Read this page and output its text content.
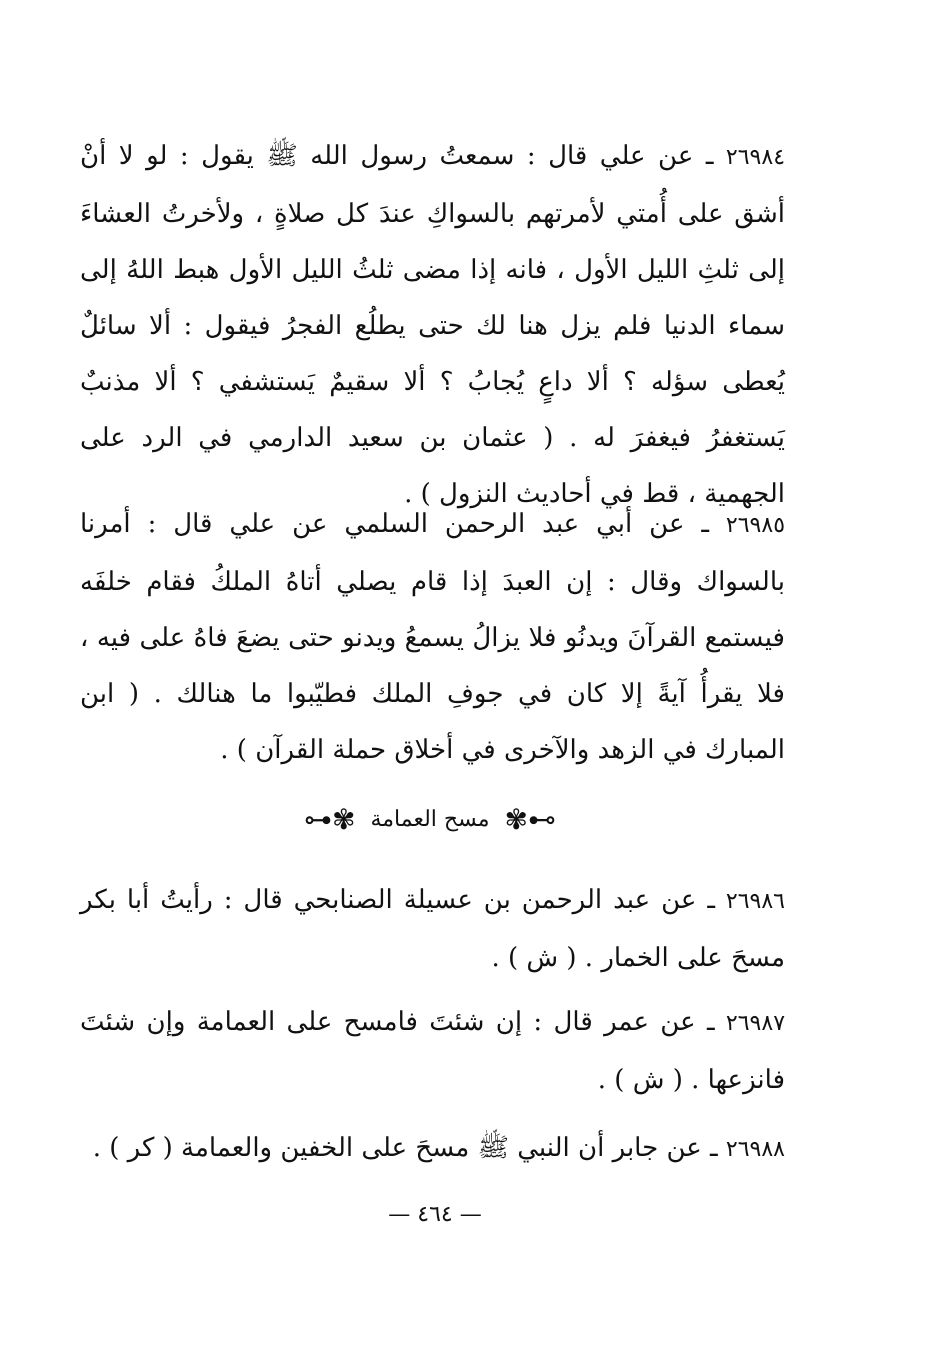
٢٦٩٨٤ ـ عن علي قال : سمعتُ رسول الله ﷺ يقول : لو لا أنْ أشق على أُمتي لأمرتهم بالسواكِ عندَ كل صلاةٍ ، ولأخرتُ العشاءَ إلى ثلثِ الليل الأول ، فانه إذا مضى ثلثُ الليل الأول هبط اللهُ إلى سماء الدنيا فلم يزل هنا لك حتى يطلُع الفجرُ فيقول : ألا سائلٌ يُعطى سؤله ؟ ألا داعٍ يُجابُ ؟ ألا سقيمٌ يَستشفي ؟ ألا مذنبٌ يَستغفرُ فيغفرَ له . ( عثمان بن سعيد الدارمي في الرد على الجهمية ، قط في أحاديث النزول ) .

٢٦٩٨٥ ـ عن أبي عبد الرحمن السلمي عن علي قال : أمرنا بالسواك وقال : إن العبدَ إذا قام يصلي أتاهُ الملكُ فقام خلفَه فيستمع القرآنَ ويدنُو فلا يزالُ يسمعُ ويدنو حتى يضعَ فاهُ على فيه ، فلا يقرأُ آيةً إلا كان في جوفِ الملك فطيّبوا ما هنالك . ( ابن المبارك في الزهد والآخرى في أخلاق حملة القرآن ) .

⊶✾ مسح العمامة ✾⊷

٢٦٩٨٦ ـ عن عبد الرحمن بن عسيلة الصنابحي قال : رأيتُ أبا بكر مسحَ على الخمار . ( ش ) .

٢٦٩٨٧ ـ عن عمر قال : إن شئتَ فامسح على العمامة وإن شئتَ فانزعها . ( ش ) .

٢٦٩٨٨ ـ عن جابر أن النبي ﷺ مسحَ على الخفين والعمامة ( كر ) .

— ٤٦٤ —
